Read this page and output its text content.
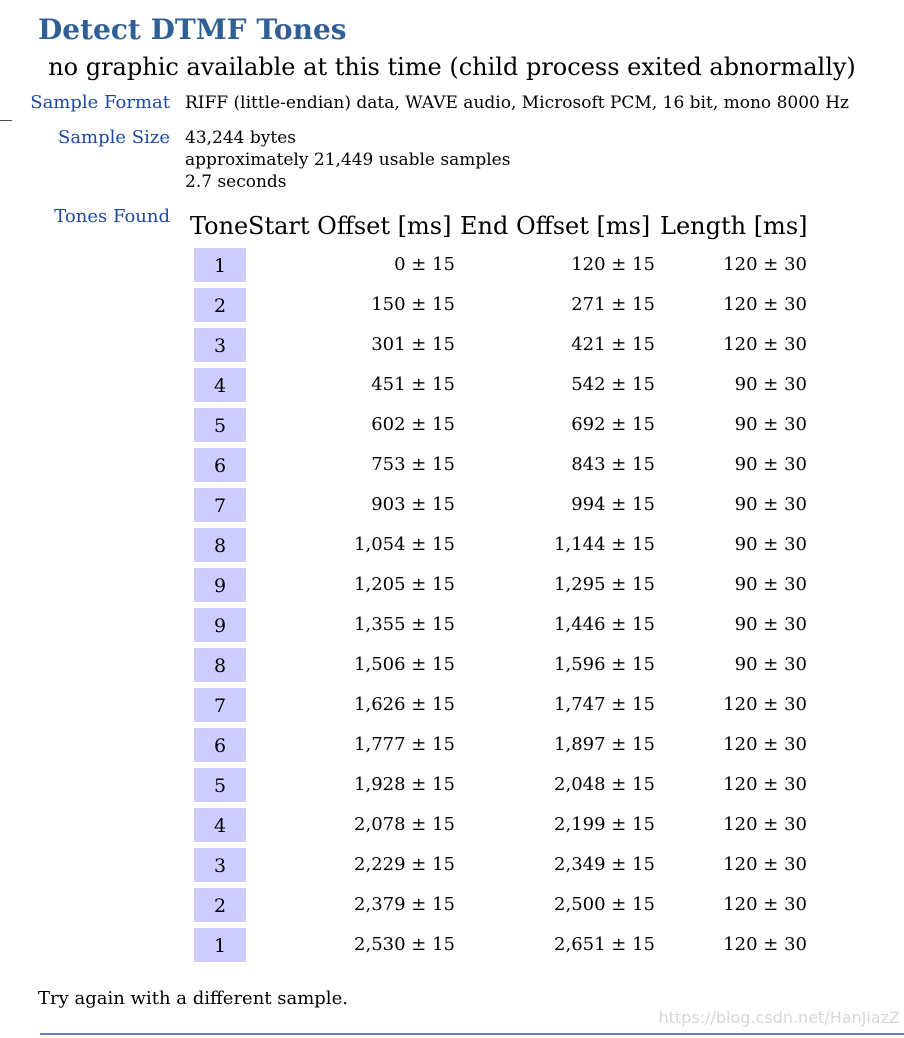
Detect DTMF Tones
no graphic available at this time (child process exited abnormally)
Sample Format RIFF (little-endian) data, WAVE audio, Microsoft PCM, 16 bit, mono 8000 Hz
Sample Size 43,244 bytes
approximately 21,449 usable samples
2.7 seconds
Tones Found Tone Start Offset [ms] End Offset [ms] Length [ms]
1	0 ± 15	120 ± 15	120 ± 30
2	150 ± 15	271 ± 15	120 ± 30
3	301 ± 15	421 ± 15	120 ± 30
4	451 ± 15	542 ± 15	90 ± 30
5	602 ± 15	692 ± 15	90 ± 30
6	753 ± 15	843 ± 15	90 ± 30
7	903 ± 15	994 ± 15	90 ± 30
8	1,054 ± 15	1,144 ± 15	90 ± 30
9	1,205 ± 15	1,295 ± 15	90 ± 30
9	1,355 ± 15	1,446 ± 15	90 ± 30
8	1,506 ± 15	1,596 ± 15	90 ± 30
7	1,626 ± 15	1,747 ± 15	120 ± 30
6	1,777 ± 15	1,897 ± 15	120 ± 30
5	1,928 ± 15	2,048 ± 15	120 ± 30
4	2,078 ± 15	2,199 ± 15	120 ± 30
3	2,229 ± 15	2,349 ± 15	120 ± 30
2	2,379 ± 15	2,500 ± 15	120 ± 30
1	2,530 ± 15	2,651 ± 15	120 ± 30
Try again with a different sample.
https://blog.csdn.net/HanJiazZ
